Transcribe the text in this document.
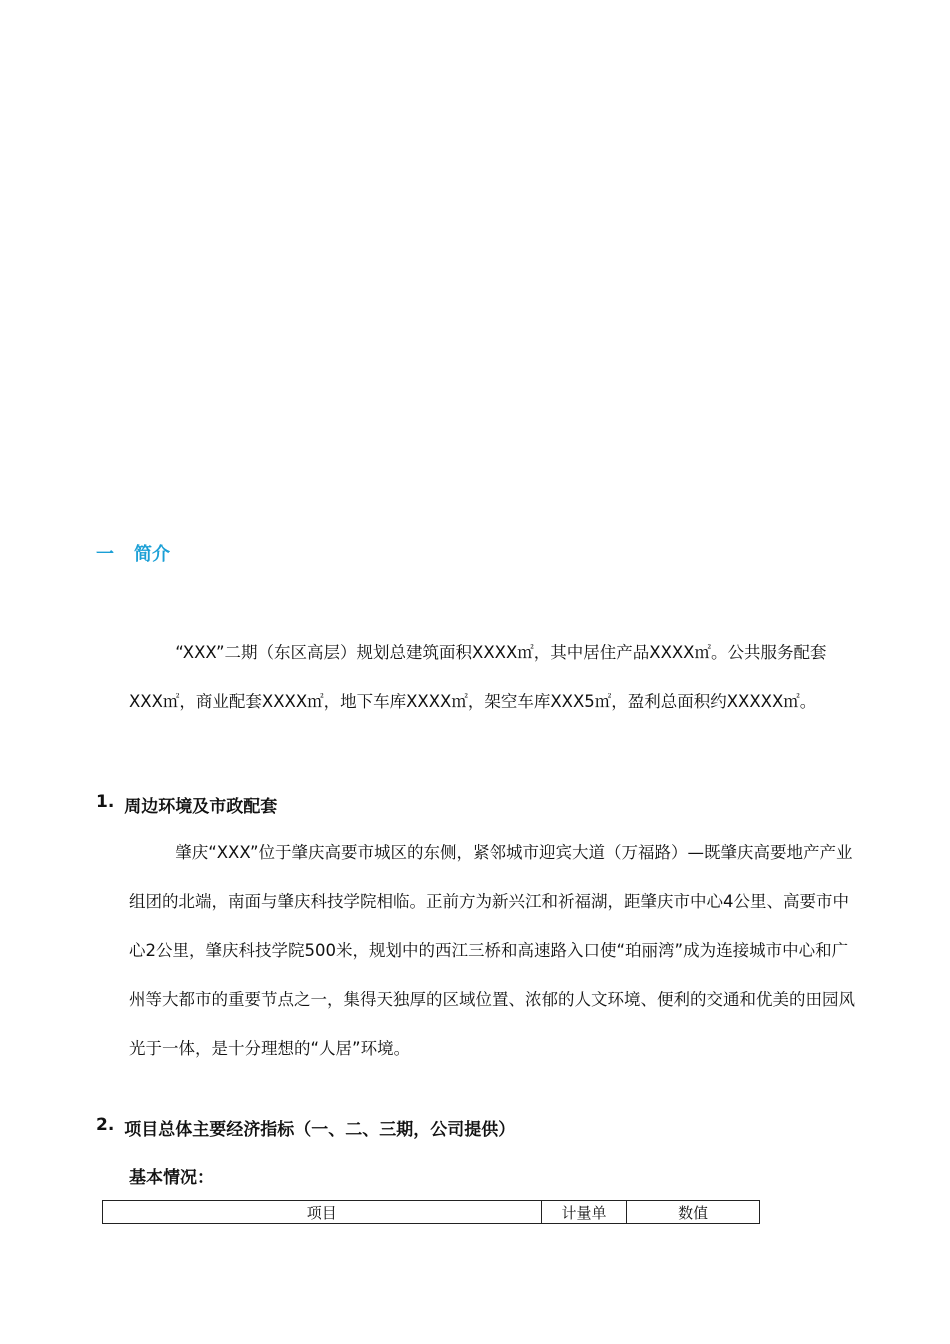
一	简介

“XXX”二期（东区高层）规划总建筑面积XXXX㎡，其中居住产品XXXX㎡。公共服务配套XXX㎡，商业配套XXXX㎡，地下车库XXXX㎡，架空车库XXX5㎡，盈利总面积约XXXXX㎡。

1. 周边环境及市政配套

肇庆“XXX”位于肇庆高要市城区的东侧，紧邻城市迎宾大道（万福路）—既肇庆高要地产产业组团的北端，南面与肇庆科技学院相临。正前方为新兴江和祈福湖，距肇庆市中心4公里、高要市中心2公里，肇庆科技学院500米，规划中的西江三桥和高速路入口使“珀丽湾”成为连接城市中心和广州等大都市的重要节点之一，集得天独厚的区域位置、浓郁的人文环境、便利的交通和优美的田园风光于一体，是十分理想的“人居”环境。

2. 项目总体主要经济指标（一、二、三期，公司提供）
基本情况：
项目	计量单	数值
